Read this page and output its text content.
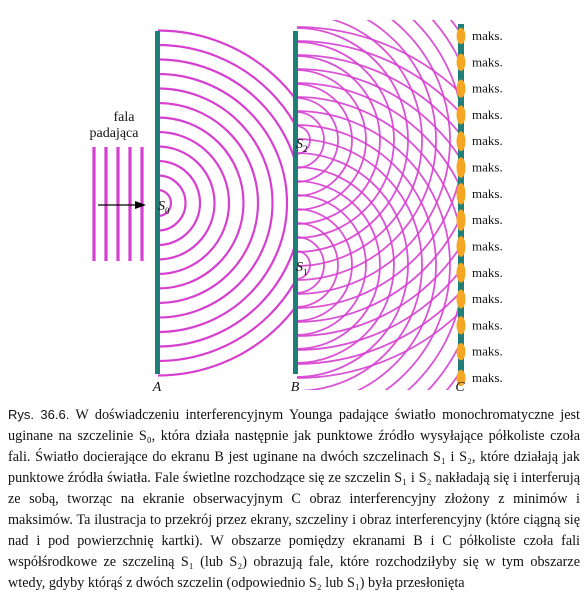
fala
padająca
maks.
maks.
maks.
maks.
maks.
maks.
maks.
maks.
maks.
maks.
maks.
maks.
maks.
maks.
A	B	C
$S_0$
$S_2$
$S_1$
Rys. 36.6. W doświadczeniu interferencyjnym Younga padające światło monochromatyczne jest uginane na szczelinie S₀, która działa następnie jak punktowe źródło wysyłające półkoliste czoła fali. Światło docierające do ekranu B jest uginane na dwóch szczelinach S₁ i S₂, które działają jak punktowe źródła światła. Fale świetlne rozchodzące się ze szczelin S₁ i S₂ nakładają się i interferują ze sobą, tworząc na ekranie obserwacyjnym C obraz interferencyjny złożony z minimów i maksimów. Ta ilustracja to przekrój przez ekrany, szczeliny i obraz interferencyjny (które ciągną się nad i pod powierzchnię kartki). W obszarze pomiędzy ekranami B i C półkoliste czoła fali współśrodkowe ze szczeliną S₁ (lub S₂) obrazują fale, które rozchodziłyby się w tym obszarze wtedy, gdyby którąś z dwóch szczelin (odpowiednio S₂ lub S₁) była przesłonięta
